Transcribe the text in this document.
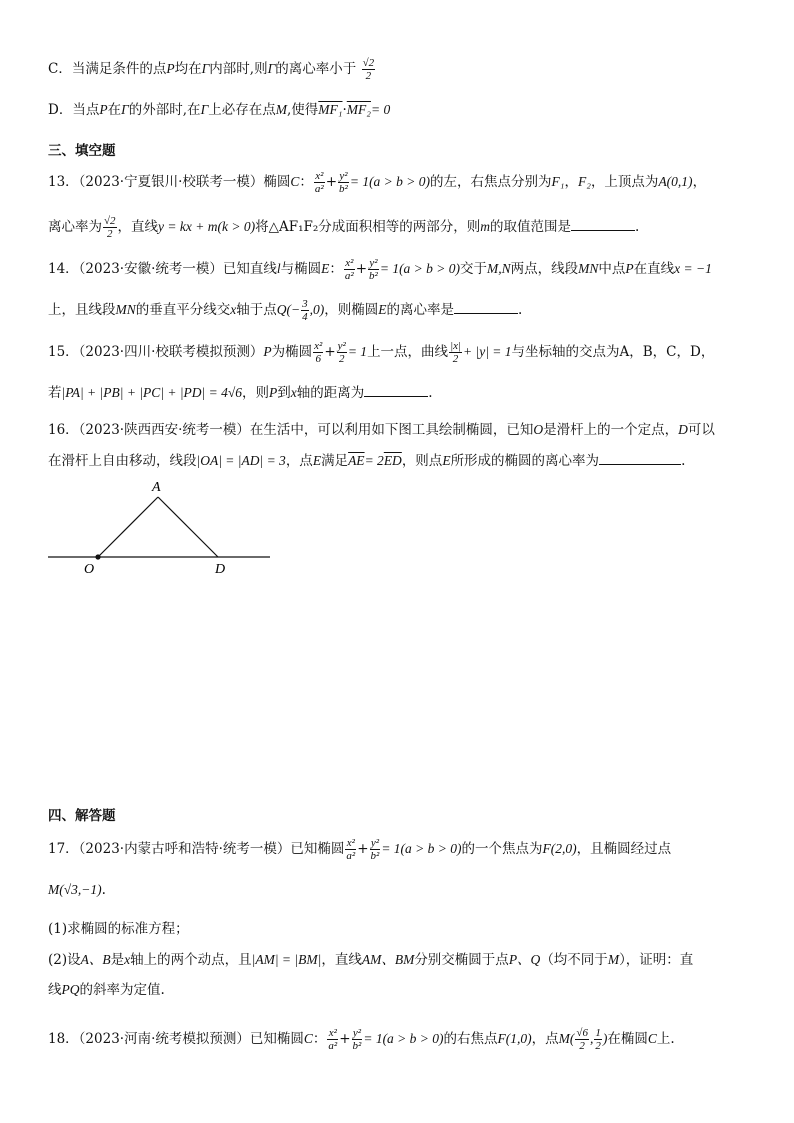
C．当满足条件的点P均在Γ内部时,则Γ的离心率小于 $\frac{√2}{2}$
D．当点P在Γ的外部时,在Γ上必存在点M,使得MF₁·MF₂= 0
三、填空题
13．（2023·宁夏银川·校联考一模）椭圆C： $\frac{\text{x²}}{\text{a²}} + \frac{\text{y²}}{\text{b²}} = 1(a > b > 0)$的左，右焦点分别为F₁，F₂，上顶点为A(0,1)，
离心率为 $\frac{√2}{2}$ ，直线y = kx + m(k > 0)将△AF₁F₂分成面积相等的两部分，则m的取值范围是	.
14．（2023·安徽·统考一模）已知直线l与椭圆E： $\frac{\text{x²}}{\text{a²}} + \frac{\text{y²}}{\text{b²}} = 1(a > b > 0)$交于M,N两点，线段MN中点P在直线x = −1
上，且线段MN的垂直平分线交x轴于点$Q(- \frac{3}{4} ,0)$，则椭圆E的离心率是	.
15．（2023·四川·校联考模拟预测）P为椭圆 $\frac{\text{x²}}{6} + \frac{\text{y²}}{2} = 1$上一点，曲线 $\frac{|x|}{2} + |y| = 1$与坐标轴的交点为A，B，C，D，
若|PA| + |PB| + |PC| + |PD| = 4√6，则P到x轴的距离为	.
16．（2023·陕西西安·统考一模）在生活中，可以利用如下图工具绘制椭圆，已知O是滑杆上的一个定点，D可以
在滑杆上自由移动，线段|OA| = |AD| = 3，点E满足$\overline{AE}= 2\overline{ED}$，则点E所形成的椭圆的离心率为	.
A
O	D
四、解答题
17．（2023·内蒙古呼和浩特·统考一模）已知椭圆 $\frac{\text{x²}}{\text{a²}} + \frac{\text{y²}}{\text{b²}} = 1(a > b > 0)$的一个焦点为F(2,0)，且椭圆经过点
M(√3,−1).
(1)求椭圆的标准方程；
(2)设A、B是x轴上的两个动点，且|AM| = |BM|，直线AM、BM分别交椭圆于点P、Q（均不同于M），证明：直
线PQ的斜率为定值.
18．（2023·河南·统考模拟预测）已知椭圆C： $\frac{\text{x²}}{\text{a²}} + \frac{\text{y²}}{\text{b²}} = 1(a > b > 0)$的右焦点F(1,0)，点$M( \frac{√6}{2}$ , $\frac{1}{2}$ )在椭圆C上.
